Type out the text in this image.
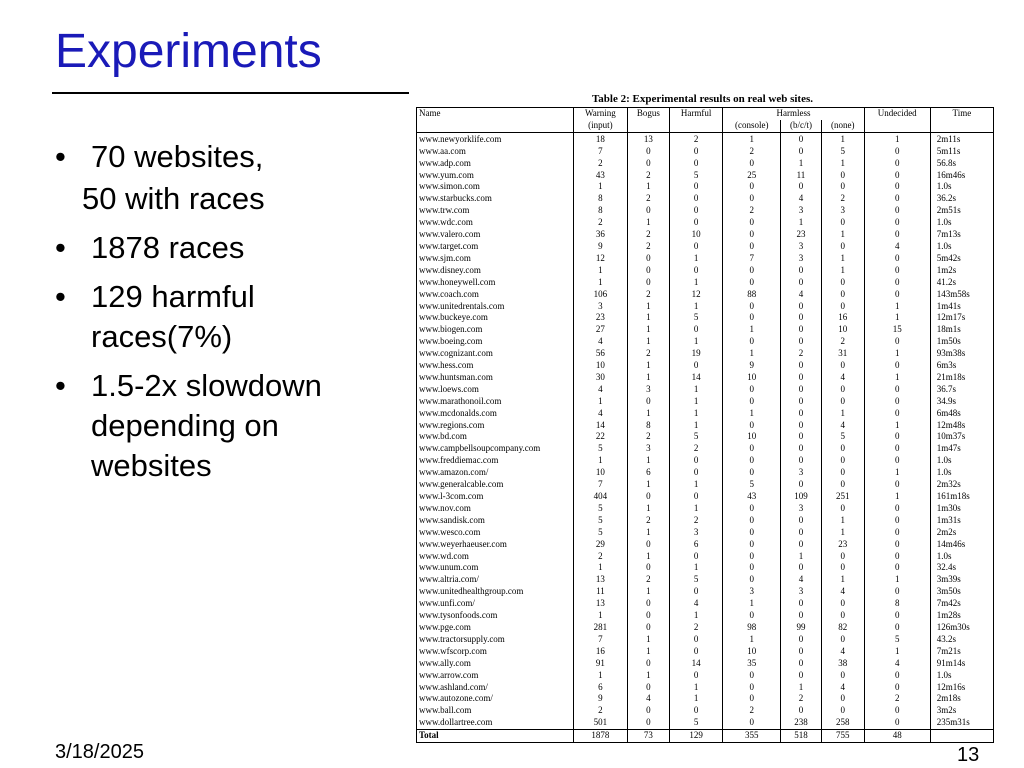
Experiments
• 70 websites,
50 with races
• 1878 races
• 129 harmful races(7%)
• 1.5-2x slowdown depending on websites
Table 2: Experimental results on real web sites.
Name	Warning	Bogus	Harmful	Harmless			Undecided	Time
	(input)			(console)	(b/c/t)	(none)		
www.newyorklife.com	18	13	2	1	0	1	1	2m11s
www.aa.com	7	0	0	2	0	5	0	5m11s
www.adp.com	2	0	0	0	1	1	0	56.8s
www.yum.com	43	2	5	25	11	0	0	16m46s
www.simon.com	1	1	0	0	0	0	0	1.0s
www.starbucks.com	8	2	0	0	4	2	0	36.2s
www.trw.com	8	0	0	2	3	3	0	2m51s
www.wdc.com	2	1	0	0	1	0	0	1.0s
www.valero.com	36	2	10	0	23	1	0	7m13s
www.target.com	9	2	0	0	3	0	4	1.0s
www.sjm.com	12	0	1	7	3	1	0	5m42s
www.disney.com	1	0	0	0	0	1	0	1m2s
www.honeywell.com	1	0	1	0	0	0	0	41.2s
www.coach.com	106	2	12	88	4	0	0	143m58s
www.unitedrentals.com	3	1	1	0	0	0	1	1m41s
www.buckeye.com	23	1	5	0	0	16	1	12m17s
www.biogen.com	27	1	0	1	0	10	15	18m1s
www.boeing.com	4	1	1	0	0	2	0	1m50s
www.cognizant.com	56	2	19	1	2	31	1	93m38s
www.hess.com	10	1	0	9	0	0	0	6m3s
www.huntsman.com	30	1	14	10	0	4	1	21m18s
www.loews.com	4	3	1	0	0	0	0	36.7s
www.marathonoil.com	1	0	1	0	0	0	0	34.9s
www.mcdonalds.com	4	1	1	1	0	1	0	6m48s
www.regions.com	14	8	1	0	0	4	1	12m48s
www.bd.com	22	2	5	10	0	5	0	10m37s
www.campbellsoupcompany.com	5	3	2	0	0	0	0	1m47s
www.freddiemac.com	1	1	0	0	0	0	0	1.0s
www.amazon.com/	10	6	0	0	3	0	1	1.0s
www.generalcable.com	7	1	1	5	0	0	0	2m32s
www.l-3com.com	404	0	0	43	109	251	1	161m18s
www.nov.com	5	1	1	0	3	0	0	1m30s
www.sandisk.com	5	2	2	0	0	1	0	1m31s
www.wesco.com	5	1	3	0	0	1	0	2m2s
www.weyerhaeuser.com	29	0	6	0	0	23	0	14m46s
www.wd.com	2	1	0	0	1	0	0	1.0s
www.unum.com	1	0	1	0	0	0	0	32.4s
www.altria.com/	13	2	5	0	4	1	1	3m39s
www.unitedhealthgroup.com	11	1	0	3	3	4	0	3m50s
www.unfi.com/	13	0	4	1	0	0	8	7m42s
www.tysonfoods.com	1	0	1	0	0	0	0	1m28s
www.pge.com	281	0	2	98	99	82	0	126m30s
www.tractorsupply.com	7	1	0	1	0	0	5	43.2s
www.wfscorp.com	16	1	0	10	0	4	1	7m21s
www.ally.com	91	0	14	35	0	38	4	91m14s
www.arrow.com	1	1	0	0	0	0	0	1.0s
www.ashland.com/	6	0	1	0	1	4	0	12m16s
www.autozone.com/	9	4	1	0	2	0	2	2m18s
www.ball.com	2	0	0	2	0	0	0	3m2s
www.dollartree.com	501	0	5	0	238	258	0	235m31s
Total	1878	73	129	355	518	755	48	
3/18/2025	13
